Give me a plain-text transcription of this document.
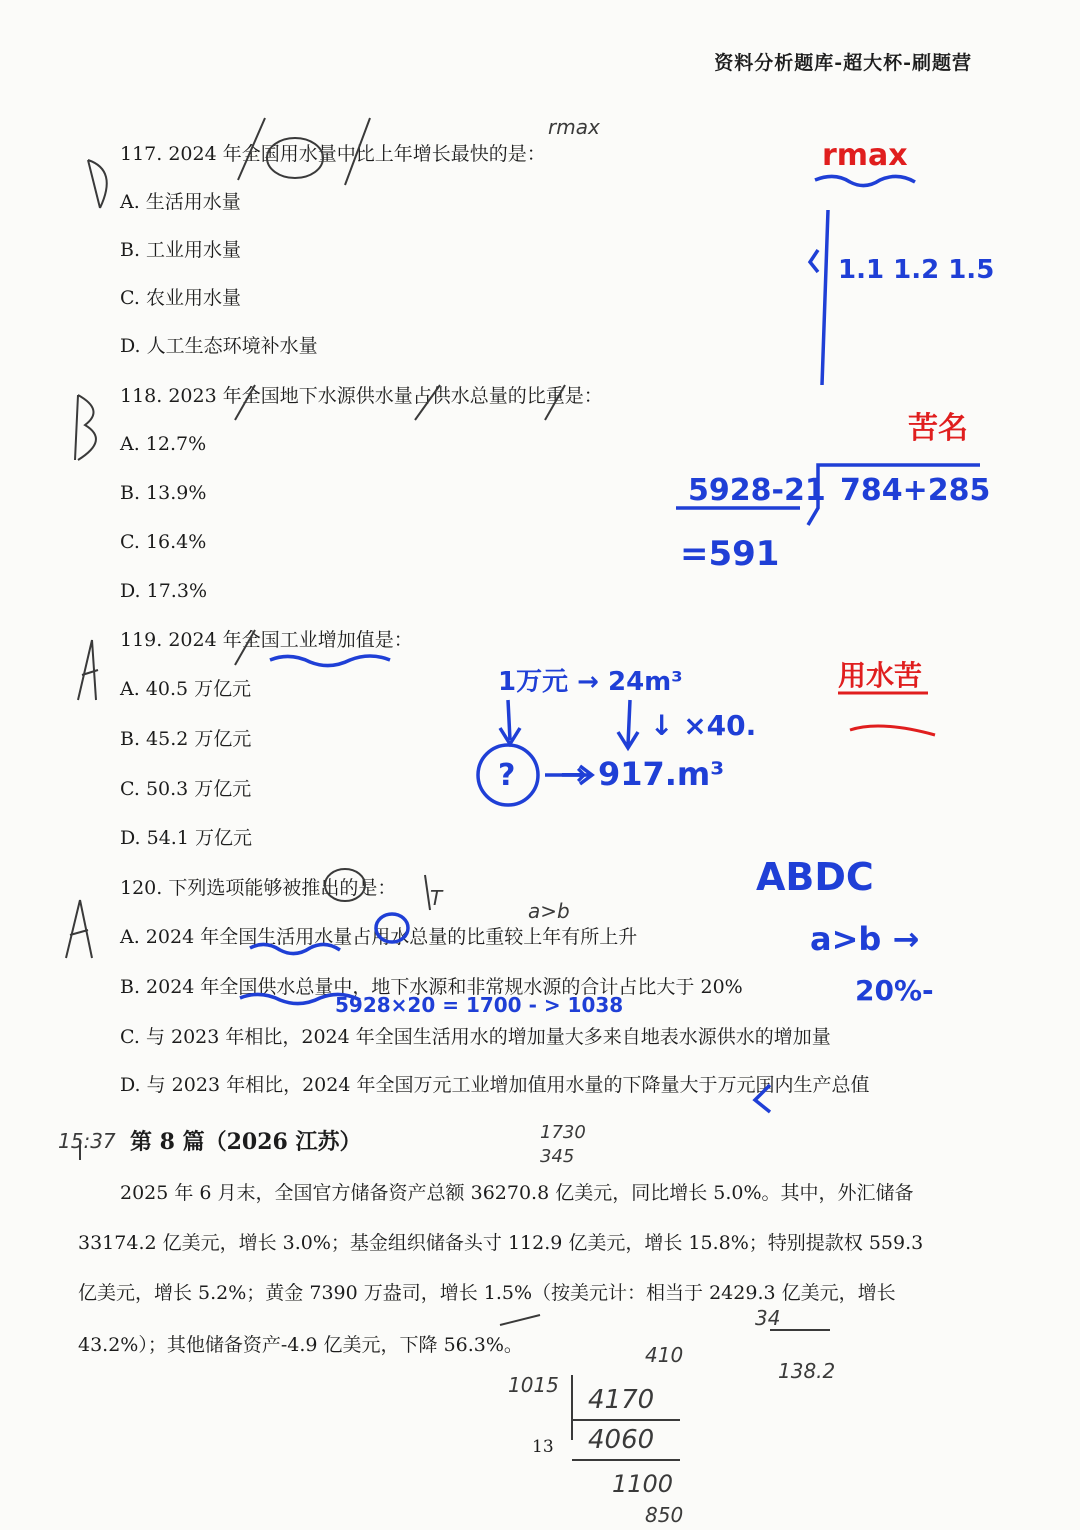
资料分析题库-超大杯-刷题营
117. 2024 年全国用水量中比上年增长最快的是：
A. 生活用水量
B. 工业用水量
C. 农业用水量
D. 人工生态环境补水量
118. 2023 年全国地下水源供水量占供水总量的比重是：
A. 12.7%
B. 13.9%
C. 16.4%
D. 17.3%
119. 2024 年全国工业增加值是：
A. 40.5 万亿元
B. 45.2 万亿元
C. 50.3 万亿元
D. 54.1 万亿元
120. 下列选项能够被推出的是：
A. 2024 年全国生活用水量占用水总量的比重较上年有所上升
B. 2024 年全国供水总量中，地下水源和非常规水源的合计占比大于 20%
C. 与 2023 年相比，2024 年全国生活用水的增加量大多来自地表水源供水的增加量
D. 与 2023 年相比，2024 年全国万元工业增加值用水量的下降量大于万元国内生产总值
第 8 篇（2026 江苏）
2025 年 6 月末，全国官方储备资产总额 36270.8 亿美元，同比增长 5.0%。其中，外汇储备
33174.2 亿美元，增长 3.0%；基金组织储备头寸 112.9 亿美元，增长 15.8%；特别提款权 559.3
亿美元，增长 5.2%；黄金 7390 万盎司，增长 1.5%（按美元计：相当于 2429.3 亿美元，增长
43.2%）；其他储备资产-4.9 亿美元，下降 56.3%。
13
rmax
15:37	1730
345
a>b
T
410
1015 4170
4060
1100
850
138.2
34
rmax
苦名
用水苦
1.1 1.2 1.5
5928-21 784+285
=591
1万元 → 24m³
↓ ×40.
→ 917.m³
ABDC
a>b →
20%-
5928×20 = 1700 - > 1038
?
